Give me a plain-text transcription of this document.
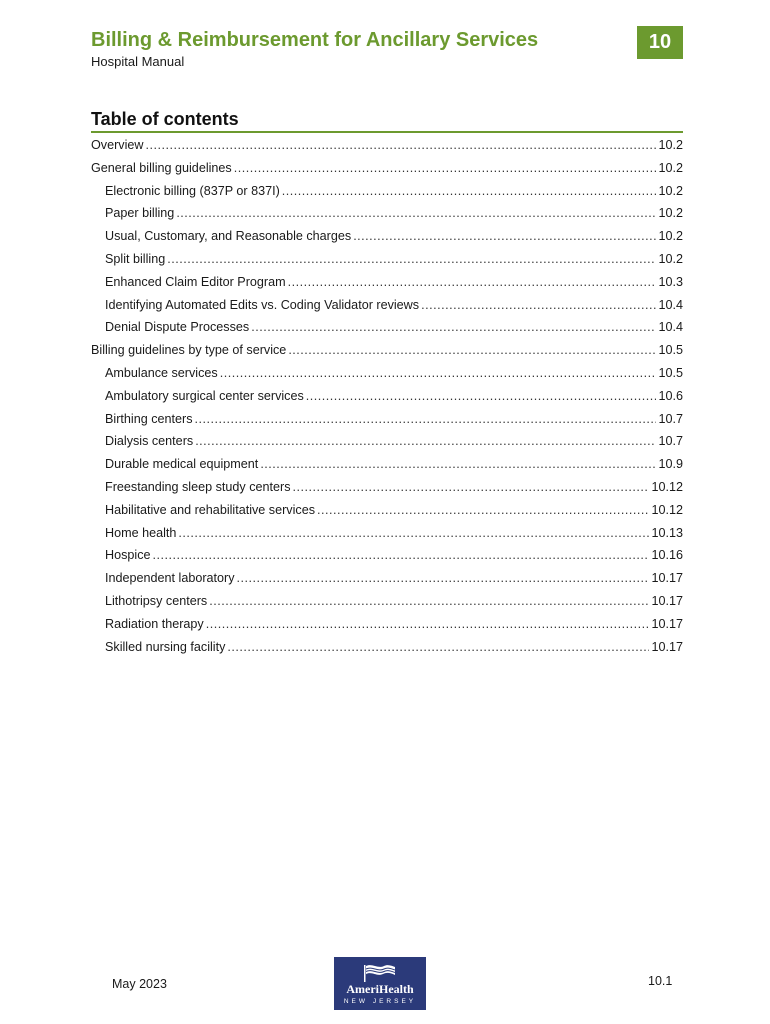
Billing & Reimbursement for Ancillary Services
Hospital Manual
10
Table of contents
Overview .....	10.2
General billing guidelines .....	10.2
Electronic billing (837P or 837I) .....	10.2
Paper billing .....	10.2
Usual, Customary, and Reasonable charges .....	10.2
Split billing .....	10.2
Enhanced Claim Editor Program .....	10.3
Identifying Automated Edits vs. Coding Validator reviews .....	10.4
Denial Dispute Processes .....	10.4
Billing guidelines by type of service .....	10.5
Ambulance services .....	10.5
Ambulatory surgical center services .....	10.6
Birthing centers .....	10.7
Dialysis centers .....	10.7
Durable medical equipment .....	10.9
Freestanding sleep study centers .....	10.12
Habilitative and rehabilitative services .....	10.12
Home health .....	10.13
Hospice .....	10.16
Independent laboratory .....	10.17
Lithotripsy centers .....	10.17
Radiation therapy .....	10.17
Skilled nursing facility .....	10.17
May 2023	AmeriHealth
NEW JERSEY
10.1
